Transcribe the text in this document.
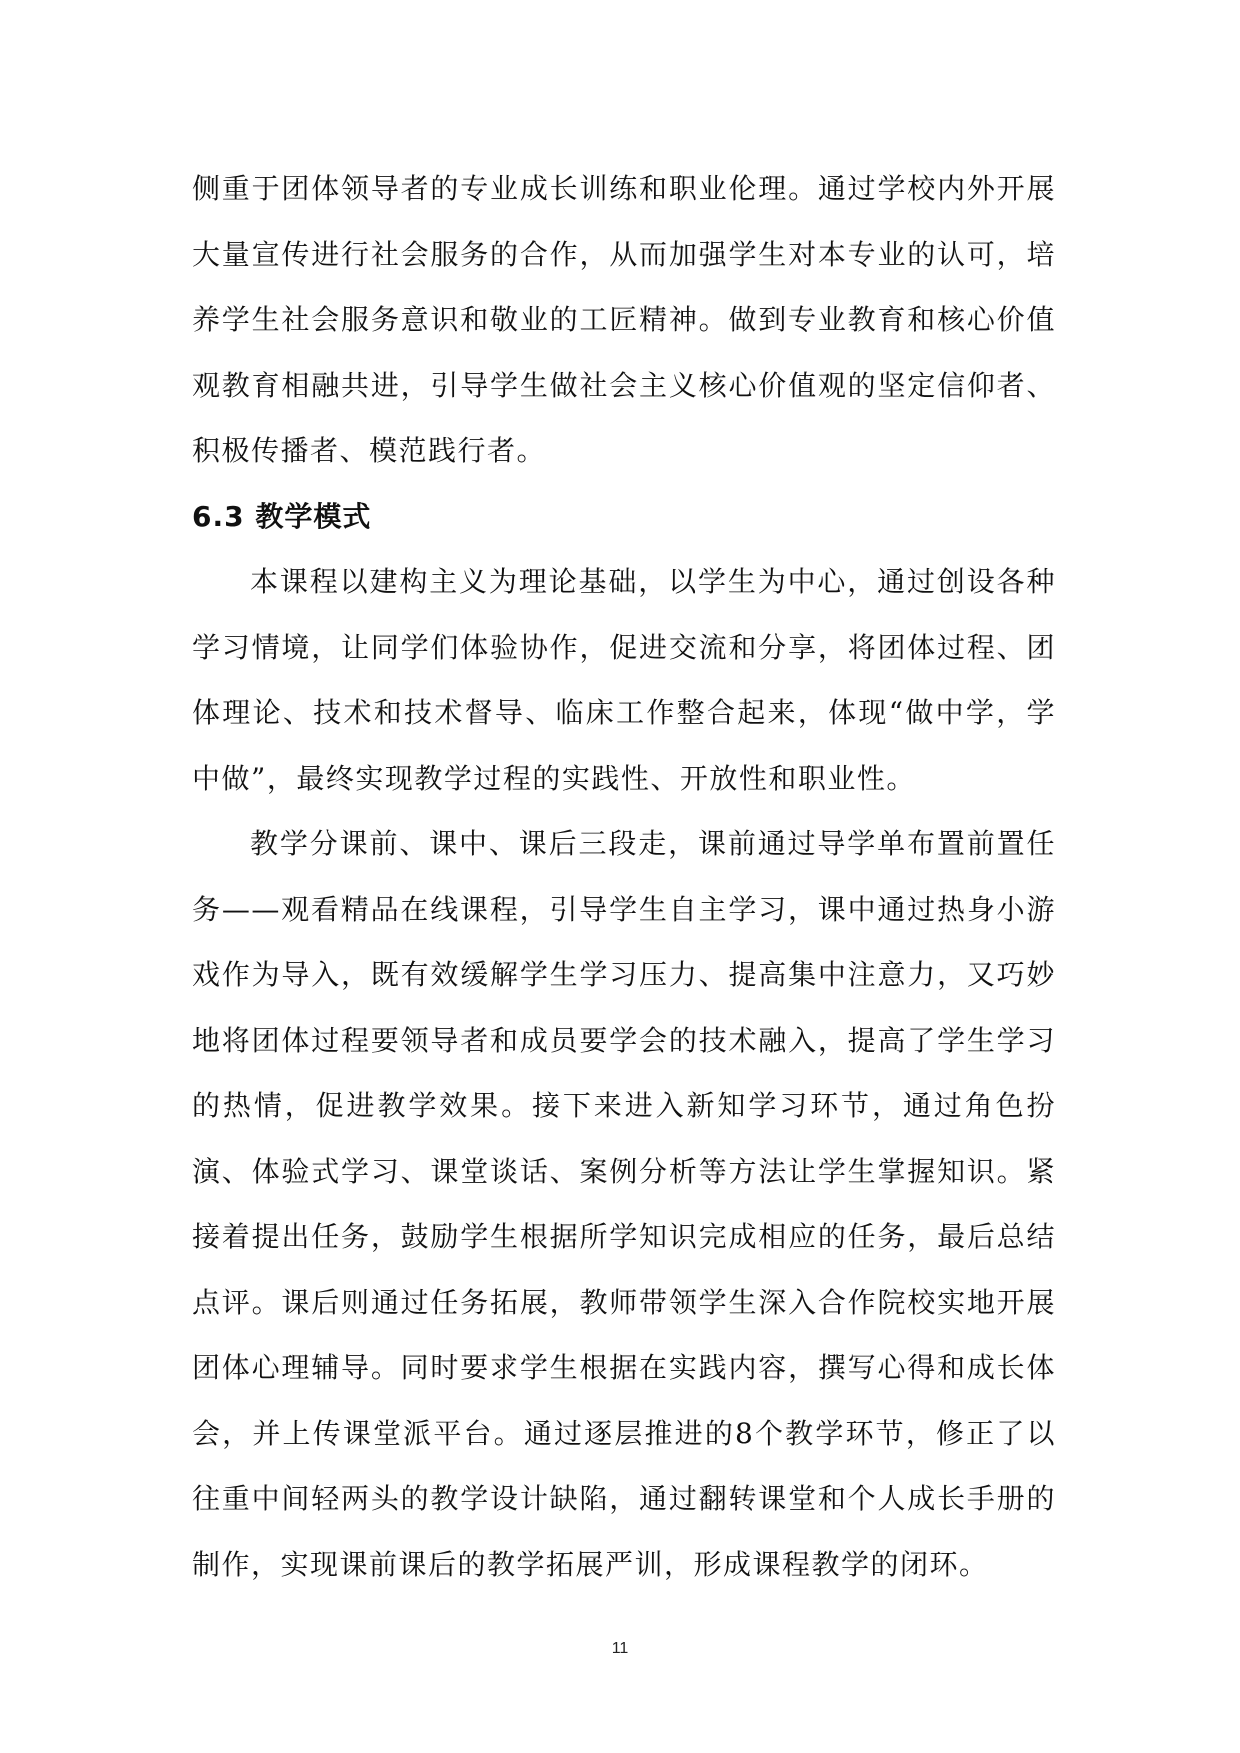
侧重于团体领导者的专业成长训练和职业伦理。通过学校内外开展大量宣传进行社会服务的合作，从而加强学生对本专业的认可，培养学生社会服务意识和敬业的工匠精神。做到专业教育和核心价值观教育相融共进，引导学生做社会主义核心价值观的坚定信仰者、积极传播者、模范践行者。

6.3 教学模式

本课程以建构主义为理论基础，以学生为中心，通过创设各种学习情境，让同学们体验协作，促进交流和分享，将团体过程、团体理论、技术和技术督导、临床工作整合起来，体现“做中学，学中做”，最终实现教学过程的实践性、开放性和职业性。

教学分课前、课中、课后三段走，课前通过导学单布置前置任务——观看精品在线课程，引导学生自主学习，课中通过热身小游戏作为导入，既有效缓解学生学习压力、提高集中注意力，又巧妙地将团体过程要领导者和成员要学会的技术融入，提高了学生学习的热情，促进教学效果。接下来进入新知学习环节，通过角色扮演、体验式学习、课堂谈话、案例分析等方法让学生掌握知识。紧接着提出任务，鼓励学生根据所学知识完成相应的任务，最后总结点评。课后则通过任务拓展，教师带领学生深入合作院校实地开展团体心理辅导。同时要求学生根据在实践内容，撰写心得和成长体会，并上传课堂派平台。通过逐层推进的8个教学环节，修正了以往重中间轻两头的教学设计缺陷，通过翻转课堂和个人成长手册的制作，实现课前课后的教学拓展严训，形成课程教学的闭环。

11
